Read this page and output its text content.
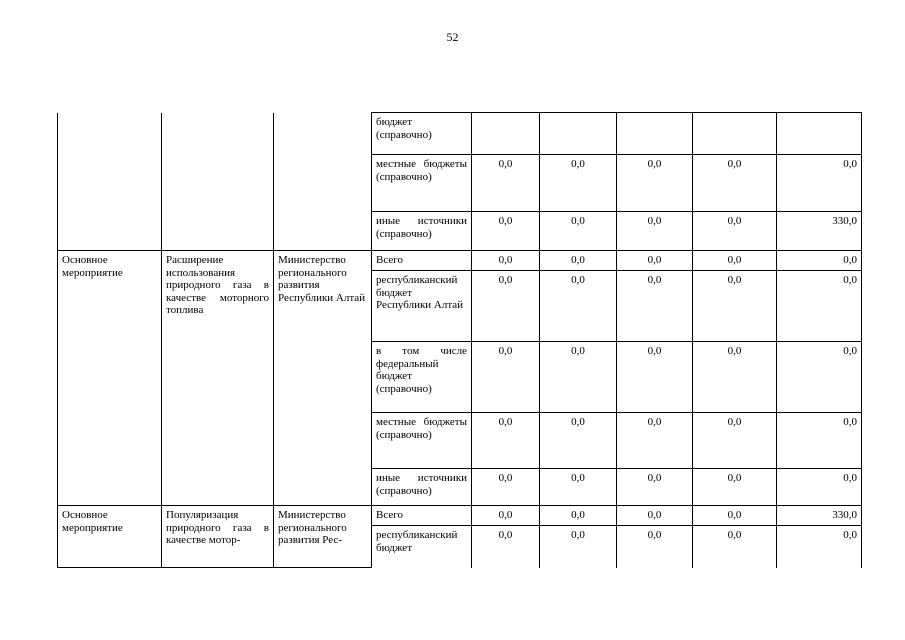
52
			бюджет (справочно)					
			местные бюджеты (справочно)	0,0	0,0	0,0	0,0	0,0
			иные источники (справочно)	0,0	0,0	0,0	0,0	330,0
Основное мероприятие	Расширение использования природного газа в качестве моторного топлива	Министерство регионального развития Республики Алтай	Всего	0,0	0,0	0,0	0,0	0,0
			республиканский бюджет Республики Алтай	0,0	0,0	0,0	0,0	0,0
			в том числе федеральный бюджет (справочно)	0,0	0,0	0,0	0,0	0,0
			местные бюджеты (справочно)	0,0	0,0	0,0	0,0	0,0
			иные источники (справочно)	0,0	0,0	0,0	0,0	0,0
Основное мероприятие	Популяризация природного газа в качестве мотор-	Министерство регионального развития Рес-	Всего	0,0	0,0	0,0	0,0	330,0
			республиканский бюджет	0,0	0,0	0,0	0,0	0,0
